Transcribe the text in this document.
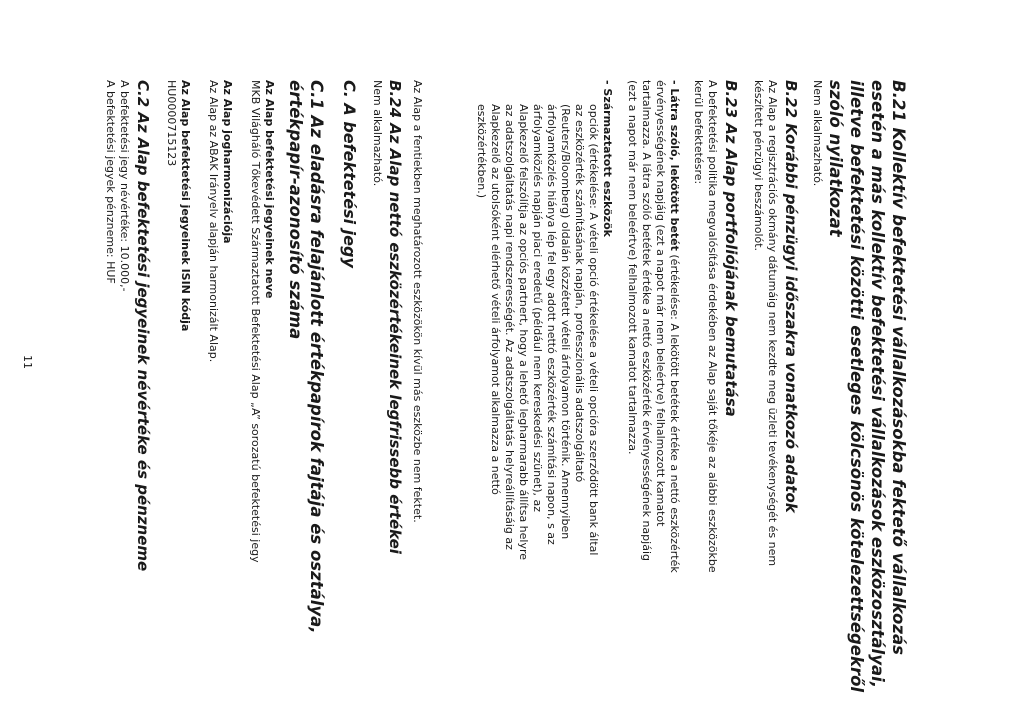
B.21 Kollektív befektetési vállalkozásokba fektető vállalkozás

esetén a más kollektív befektetési vállalkozások eszközosztályai,

illetve befektetési közötti esetleges kölcsönös kötelezettségekről

szóló nyilatkozat

Nem alkalmazható.

B.22 Korábbi pénzügyi időszakra vonatkozó adatok

Az Alap a regisztrációs okmány dátumáig nem kezdte meg üzleti tevékenységét és nem

készített pénzügyi beszámolót.

B.23 Az Alap portfoliójának bemutatása

A befektetési politika megvalósítása érdekében az Alap saját tőkéje az alábbi eszközökbe

kerül befektetésre:

- Látra szóló, lekötött betét (értékelése: A lekötött betétek értéke a nettó eszközérték

érvényességének napjáig (ezt a napot már nem beleértve) felhalmozott kamatot

tartalmazza. A látra szóló betétek értéke a nettó eszközérték érvényességének napjáig

(ezt a napot már nem beleértve) felhalmozott kamatot tartalmazza.

- Származtatott eszközök

opciók (értékelése: A vételi opció értékelése a vételi opcióra szerződött bank által

az eszközérték számításának napján, professzionális adatszolgáltató

(Reuters/Bloomberg) oldalán közzétett vételi árfolyamon történik. Amennyiben

árfolyamközlés hiánya lép fel egy adott nettó eszközérték számítási napon, s az

árfolyamközlés napján piaci eredetű (például nem kereskedési szünet), az

Alapkezelő felszólítja az opciós partnert, hogy a lehető legharmarabb állítsa helyre

az adatszolgáltatás napi rendszerességét. Az adatszolgáltatás helyreállításáig az

Alapkezelő az utolsóként elérhető vételi árfolyamot alkalmazza a nettó

eszközértékben.)

Az Alap a fentiekben meghatározott eszközökön kívül más eszközbe nem fektet.

B.24 Az Alap nettó eszközértékeinek legfrissebb értékei

Nem alkalmazható.

C. A befektetési jegy

C.1 Az eladásra felajánlott értékpapírok fajtája és osztálya,

értékpapír-azonosító száma

Az Alap befektetési jegyeinek neve

MKB Világháló Tőkevédett Származtatott Befektetési Alap „A” sorozatú befektetési jegy

Az Alap jogharmonizációja

Az Alap az ABAK Irányelv alapján harmonizált Alap.

Az Alap befektetési jegyeinek ISIN kódja

HU0000715123

C.2 Az Alap befektetési jegyeinek névértéke és pénzneme

A befektetési jegy névértéke: 10.000,-

A befektetési jegyek pénzneme: HUF

11
